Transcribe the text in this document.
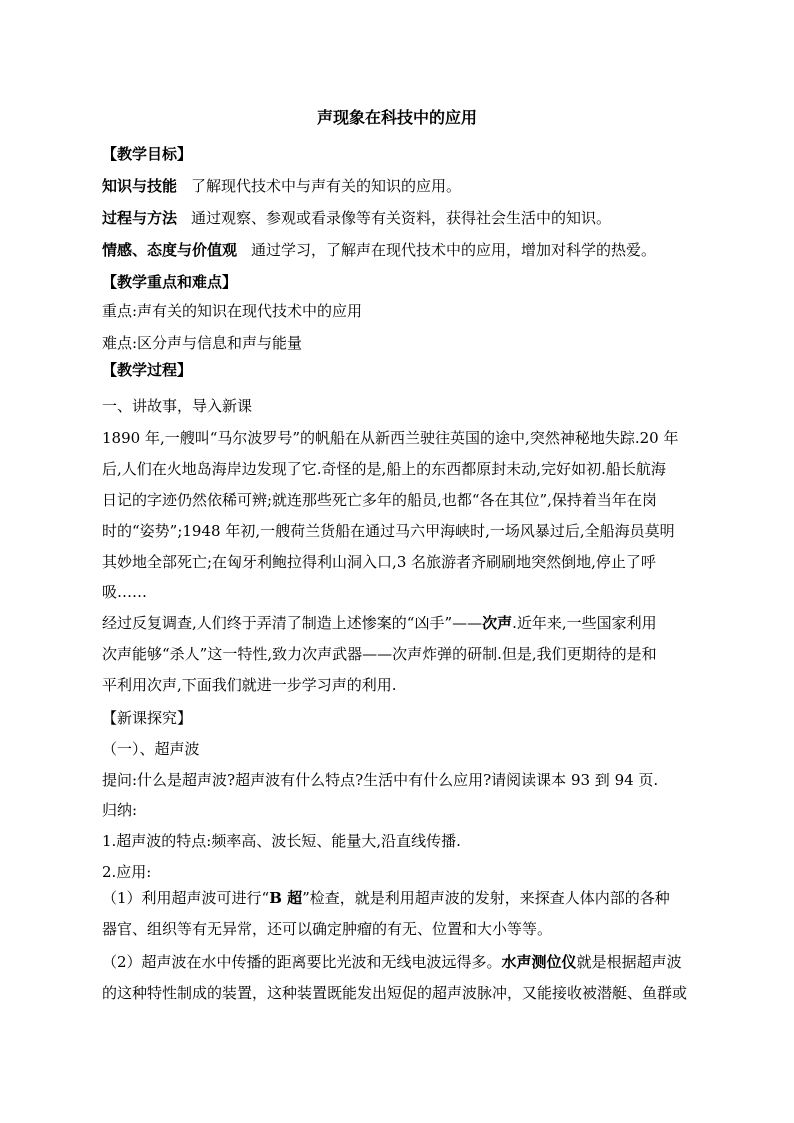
声现象在科技中的应用
【教学目标】
知识与技能 了解现代技术中与声有关的知识的应用。
过程与方法 通过观察、参观或看录像等有关资料，获得社会生活中的知识。
情感、态度与价值观 通过学习，了解声在现代技术中的应用，增加对科学的热爱。
【教学重点和难点】
重点:声有关的知识在现代技术中的应用
难点:区分声与信息和声与能量
【教学过程】
一、讲故事，导入新课
1890 年,一艘叫“马尔波罗号”的帆船在从新西兰驶往英国的途中,突然神秘地失踪.20 年
后,人们在火地岛海岸边发现了它.奇怪的是,船上的东西都原封未动,完好如初.船长航海
日记的字迹仍然依稀可辨;就连那些死亡多年的船员,也都“各在其位”,保持着当年在岗
时的“姿势”;1948 年初,一艘荷兰货船在通过马六甲海峡时,一场风暴过后,全船海员莫明
其妙地全部死亡;在匈牙利鲍拉得利山洞入口,3 名旅游者齐刷刷地突然倒地,停止了呼
吸……
经过反复调查,人们终于弄清了制造上述惨案的“凶手”——次声.近年来,一些国家利用
次声能够“杀人”这一特性,致力次声武器——次声炸弹的研制.但是,我们更期待的是和
平利用次声,下面我们就进一步学习声的利用.
【新课探究】
（一）、超声波
提问:什么是超声波?超声波有什么特点?生活中有什么应用?请阅读课本 93 到 94 页.
归纳:
1.超声波的特点:频率高、波长短、能量大,沿直线传播.
2.应用:
（1）利用超声波可进行“B 超”检查，就是利用超声波的发射，来探查人体内部的各种
器官、组织等有无异常，还可以确定肿瘤的有无、位置和大小等等。
（2）超声波在水中传播的距离要比光波和无线电波远得多。水声测位仪就是根据超声波
的这种特性制成的装置，这种装置既能发出短促的超声波脉冲，又能接收被潜艇、鱼群或
